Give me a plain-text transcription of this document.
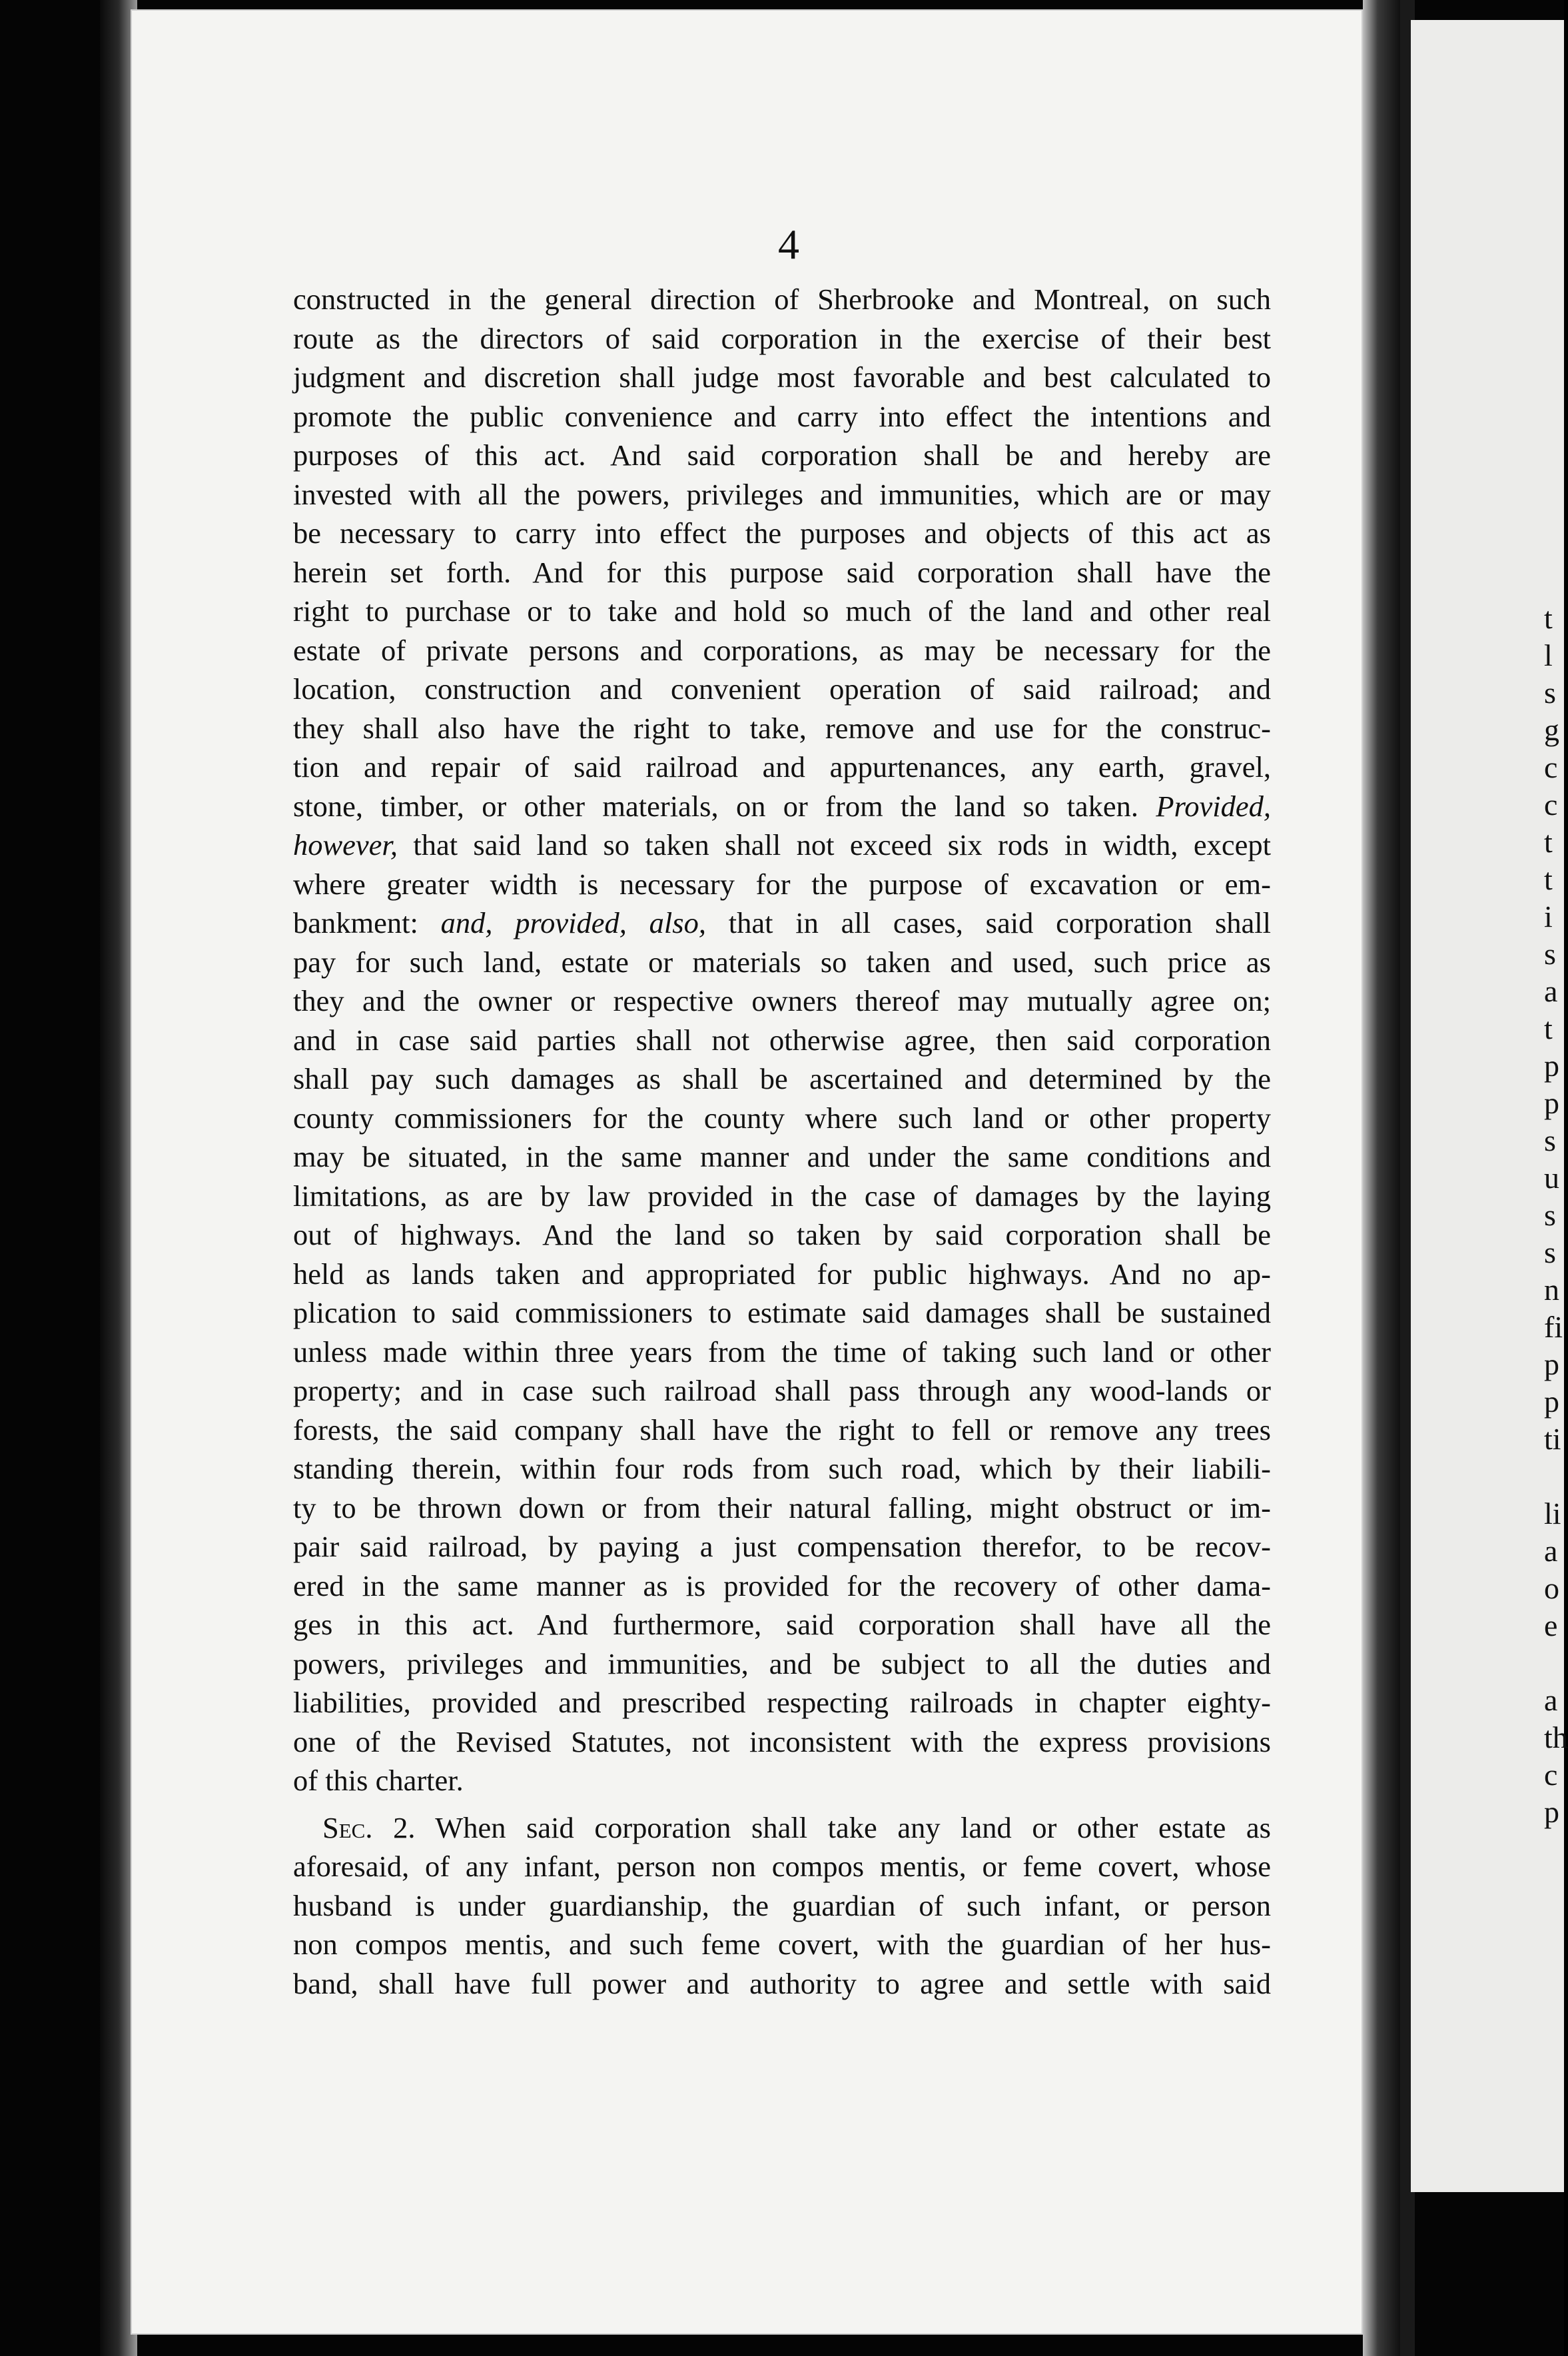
t
l
s
g
c
c
t
t
i
s
a
t
p
p
s
u
s
s
n
fi
p
p
ti

li
a
o
e

a
th
c
p
4

constructed in the general direction of Sherbrooke and Montreal, on such
route as the directors of said corporation in the exercise of their best
judgment and discretion shall judge most favorable and best calculated to
promote the public convenience and carry into effect the intentions and
purposes of this act. And said corporation shall be and hereby are
invested with all the powers, privileges and immunities, which are or may
be necessary to carry into effect the purposes and objects of this act as
herein set forth. And for this purpose said corporation shall have the
right to purchase or to take and hold so much of the land and other real
estate of private persons and corporations, as may be necessary for the
location, construction and convenient operation of said railroad; and
they shall also have the right to take, remove and use for the construc-
tion and repair of said railroad and appurtenances, any earth, gravel,
stone, timber, or other materials, on or from the land so taken. Provided,
however, that said land so taken shall not exceed six rods in width, except
where greater width is necessary for the purpose of excavation or em-
bankment: and, provided, also, that in all cases, said corporation shall
pay for such land, estate or materials so taken and used, such price as
they and the owner or respective owners thereof may mutually agree on;
and in case said parties shall not otherwise agree, then said corporation
shall pay such damages as shall be ascertained and determined by the
county commissioners for the county where such land or other property
may be situated, in the same manner and under the same conditions and
limitations, as are by law provided in the case of damages by the laying
out of highways. And the land so taken by said corporation shall be
held as lands taken and appropriated for public highways. And no ap-
plication to said commissioners to estimate said damages shall be sustained
unless made within three years from the time of taking such land or other
property; and in case such railroad shall pass through any wood-lands or
forests, the said company shall have the right to fell or remove any trees
standing therein, within four rods from such road, which by their liabili-
ty to be thrown down or from their natural falling, might obstruct or im-
pair said railroad, by paying a just compensation therefor, to be recov-
ered in the same manner as is provided for the recovery of other dama-
ges in this act. And furthermore, said corporation shall have all the
powers, privileges and immunities, and be subject to all the duties and
liabilities, provided and prescribed respecting railroads in chapter eighty-
one of the Revised Statutes, not inconsistent with the express provisions
of this charter.

Sec. 2. When said corporation shall take any land or other estate as
aforesaid, of any infant, person non compos mentis, or feme covert, whose
husband is under guardianship, the guardian of such infant, or person
non compos mentis, and such feme covert, with the guardian of her hus-
band, shall have full power and authority to agree and settle with said
